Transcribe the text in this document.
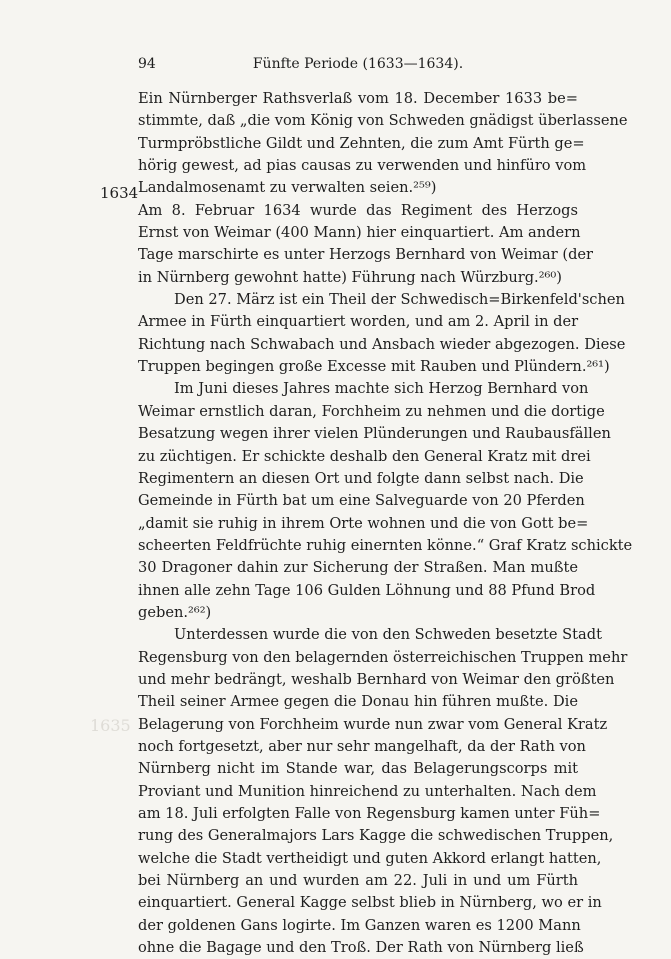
94	Fünfte Periode (1633—1634).
1634
1635
Ein Nürnberger Rathsverlaß vom 18. December 1633 be=
stimmte, daß „die vom König von Schweden gnädigst überlassene
Turmpröbstliche Gildt und Zehnten, die zum Amt Fürth ge=
hörig gewest, ad pias causas zu verwenden und hinfüro vom
Landalmosenamt zu verwalten seien.²⁵⁹)
Am 8. Februar 1634 wurde das Regiment des Herzogs
Ernst von Weimar (400 Mann) hier einquartiert. Am andern
Tage marschirte es unter Herzogs Bernhard von Weimar (der
in Nürnberg gewohnt hatte) Führung nach Würzburg.²⁶⁰)
Den 27. März ist ein Theil der Schwedisch=Birkenfeld'schen
Armee in Fürth einquartiert worden, und am 2. April in der
Richtung nach Schwabach und Ansbach wieder abgezogen. Diese
Truppen begingen große Excesse mit Rauben und Plündern.²⁶¹)
Im Juni dieses Jahres machte sich Herzog Bernhard von
Weimar ernstlich daran, Forchheim zu nehmen und die dortige
Besatzung wegen ihrer vielen Plünderungen und Raubausfällen
zu züchtigen. Er schickte deshalb den General Kratz mit drei
Regimentern an diesen Ort und folgte dann selbst nach. Die
Gemeinde in Fürth bat um eine Salveguarde von 20 Pferden
„damit sie ruhig in ihrem Orte wohnen und die von Gott be=
scheerten Feldfrüchte ruhig einernten könne.“ Graf Kratz schickte
30 Dragoner dahin zur Sicherung der Straßen. Man mußte
ihnen alle zehn Tage 106 Gulden Löhnung und 88 Pfund Brod
geben.²⁶²)
Unterdessen wurde die von den Schweden besetzte Stadt
Regensburg von den belagernden österreichischen Truppen mehr
und mehr bedrängt, weshalb Bernhard von Weimar den größten
Theil seiner Armee gegen die Donau hin führen mußte. Die
Belagerung von Forchheim wurde nun zwar vom General Kratz
noch fortgesetzt, aber nur sehr mangelhaft, da der Rath von
Nürnberg nicht im Stande war, das Belagerungscorps mit
Proviant und Munition hinreichend zu unterhalten. Nach dem
am 18. Juli erfolgten Falle von Regensburg kamen unter Füh=
rung des Generalmajors Lars Kagge die schwedischen Truppen,
welche die Stadt vertheidigt und guten Akkord erlangt hatten,
bei Nürnberg an und wurden am 22. Juli in und um Fürth
einquartiert. General Kagge selbst blieb in Nürnberg, wo er in
der goldenen Gans logirte. Im Ganzen waren es 1200 Mann
ohne die Bagage und den Troß. Der Rath von Nürnberg ließ
